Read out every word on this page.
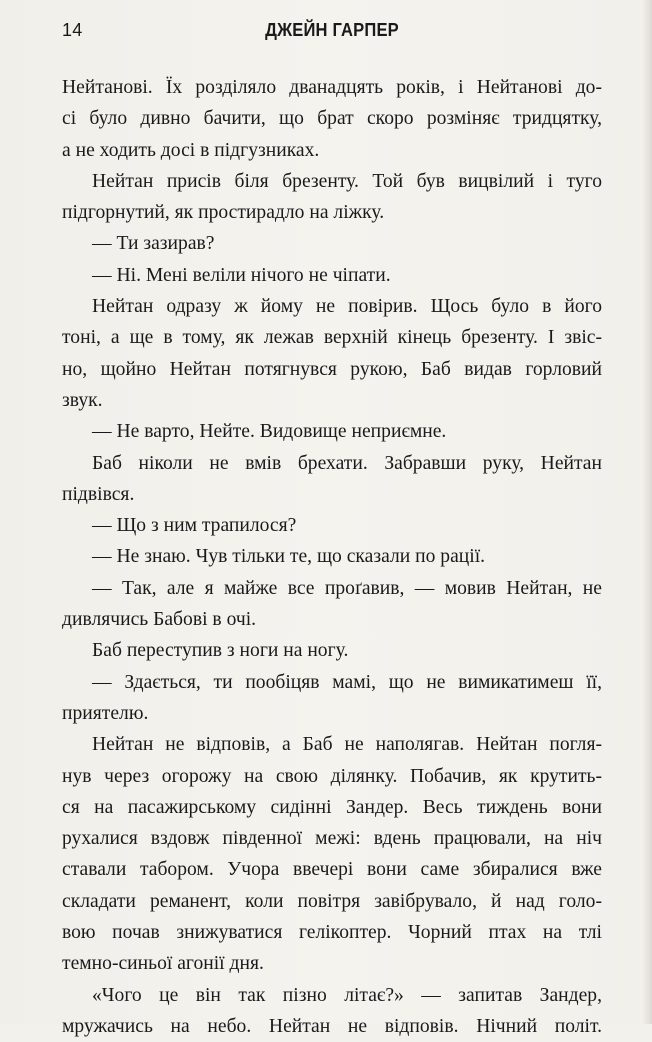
14	ДЖЕЙН ГАРПЕР
Нейтанові. Їх розділяло дванадцять років, і Нейтанові до-
сі було дивно бачити, що брат скоро розміняє тридцятку,
а не ходить досі в підгузниках.
Нейтан присів біля брезенту. Той був вицвілий і туго
підгорнутий, як простирадло на ліжку.
— Ти зазирав?
— Ні. Мені веліли нічого не чіпати.
Нейтан одразу ж йому не повірив. Щось було в його
тоні, а ще в тому, як лежав верхній кінець брезенту. І звіс-
но, щойно Нейтан потягнувся рукою, Баб видав горловий
звук.
— Не варто, Нейте. Видовище неприємне.
Баб ніколи не вмів брехати. Забравши руку, Нейтан
підвівся.
— Що з ним трапилося?
— Не знаю. Чув тільки те, що сказали по рації.
— Так, але я майже все проґавив, — мовив Нейтан, не
дивлячись Бабові в очі.
Баб переступив з ноги на ногу.
— Здається, ти пообіцяв мамі, що не вимикатимеш її,
приятелю.
Нейтан не відповів, а Баб не наполягав. Нейтан погля-
нув через огорожу на свою ділянку. Побачив, як крутить-
ся на пасажирському сидінні Зандер. Весь тиждень вони
рухалися вздовж південної межі: вдень працювали, на ніч
ставали табором. Учора ввечері вони саме збиралися вже
складати реманент, коли повітря завібрувало, й над голо-
вою почав знижуватися гелікоптер. Чорний птах на тлі
темно-синьої агонії дня.
«Чого це він так пізно літає?» — запитав Зандер,
мружачись на небо. Нейтан не відповів. Нічний політ.
